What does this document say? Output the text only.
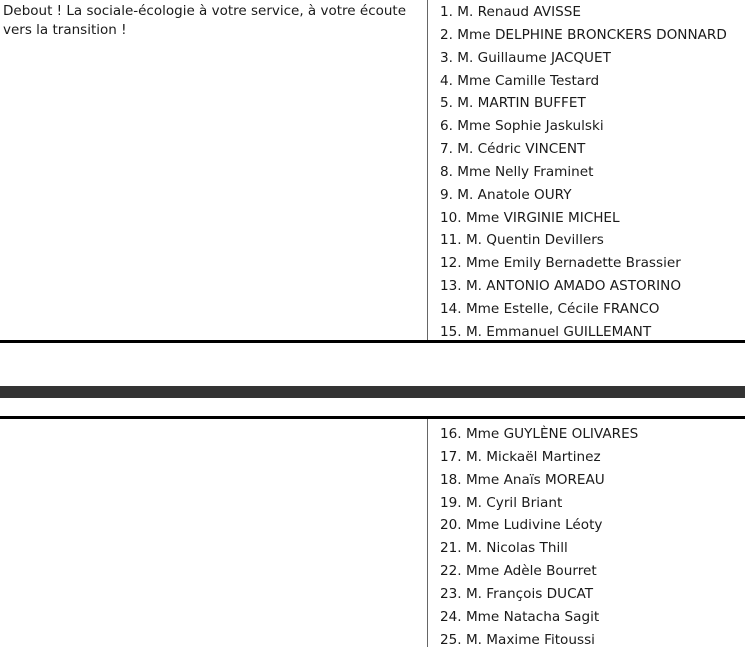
Debout ! La sociale-écologie à votre service, à votre écoute vers la transition !
1. M. Renaud AVISSE
2. Mme DELPHINE BRONCKERS DONNARD
3. M. Guillaume JACQUET
4. Mme Camille Testard
5. M. MARTIN BUFFET
6. Mme Sophie Jaskulski
7. M. Cédric VINCENT
8. Mme Nelly Framinet
9. M. Anatole OURY
10. Mme VIRGINIE MICHEL
11. M. Quentin Devillers
12. Mme Emily Bernadette Brassier
13. M. ANTONIO AMADO ASTORINO
14. Mme Estelle, Cécile FRANCO
15. M. Emmanuel GUILLEMANT
16. Mme GUYLÈNE OLIVARES
17. M. Mickaël Martinez
18. Mme Anaïs MOREAU
19. M. Cyril Briant
20. Mme Ludivine Léoty
21. M. Nicolas Thill
22. Mme Adèle Bourret
23. M. François DUCAT
24. Mme Natacha Sagit
25. M. Maxime Fitoussi
